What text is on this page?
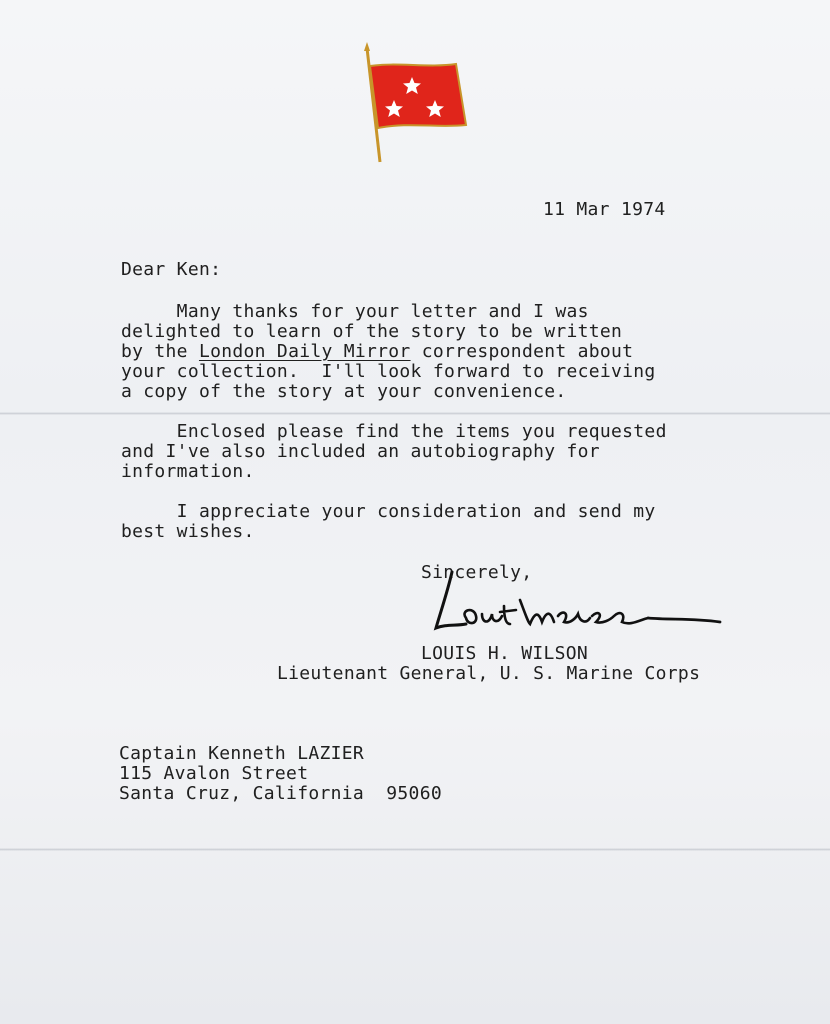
11 Mar 1974
Dear Ken:
Many thanks for your letter and I was
delighted to learn of the story to be written
by the London Daily Mirror correspondent about
your collection.  I'll look forward to receiving
a copy of the story at your convenience.
Enclosed please find the items you requested
and I've also included an autobiography for
information.
I appreciate your consideration and send my
best wishes.
Sincerely,
LOUIS H. WILSON
Lieutenant General, U. S. Marine Corps
Captain Kenneth LAZIER
115 Avalon Street
Santa Cruz, California  95060
